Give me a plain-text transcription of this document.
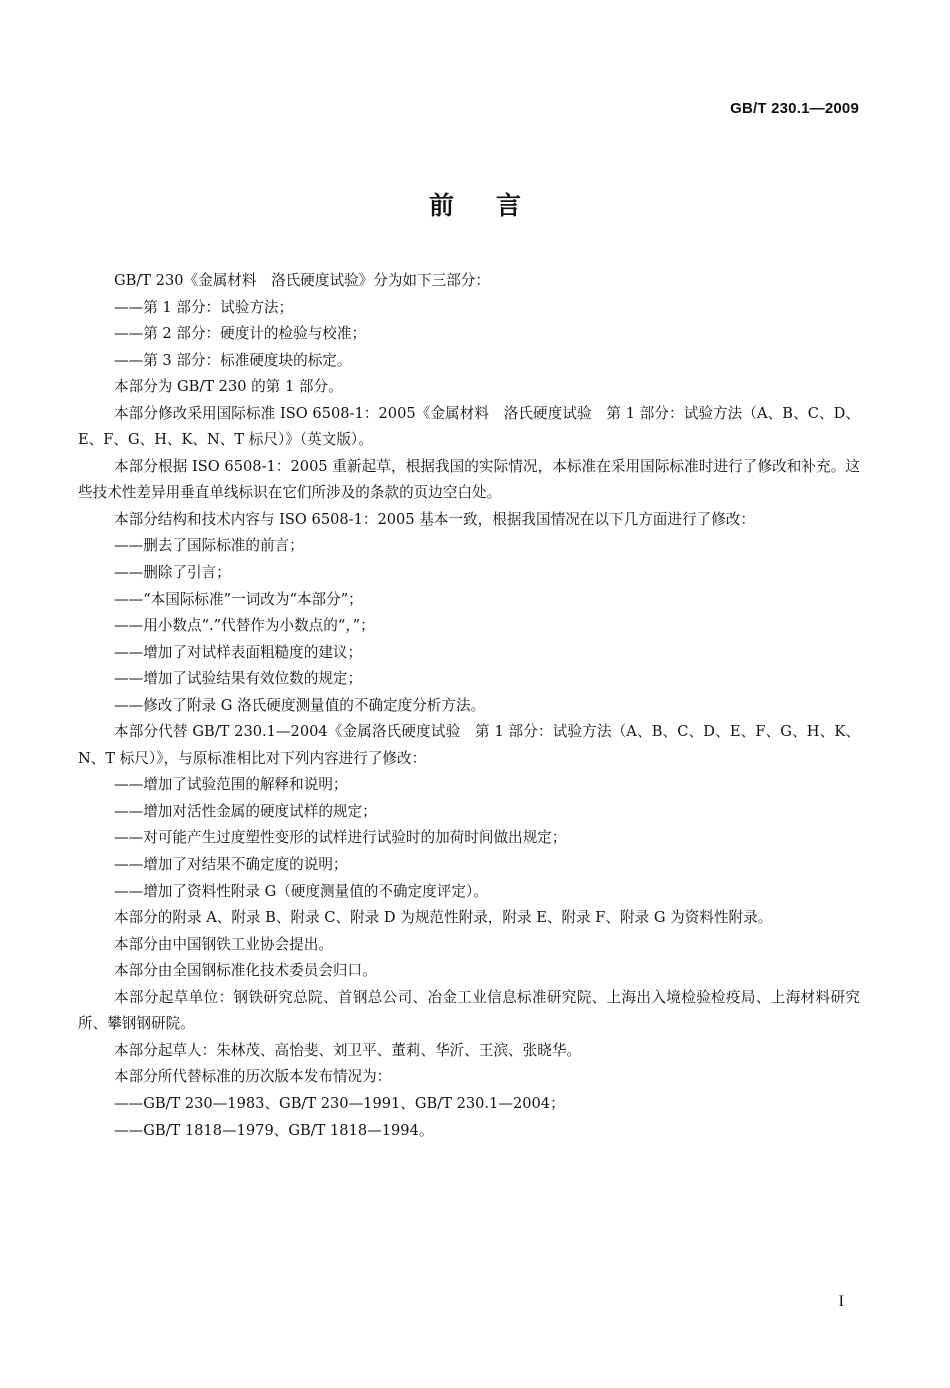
GB/T 230.1—2009
前言

GB/T 230《金属材料　洛氏硬度试验》分为如下三部分：

——第 1 部分：试验方法；

——第 2 部分：硬度计的检验与校准；

——第 3 部分：标准硬度块的标定。

本部分为 GB/T 230 的第 1 部分。

本部分修改采用国际标准 ISO 6508-1：2005《金属材料　洛氏硬度试验　第 1 部分：试验方法（A、B、C、D、E、F、G、H、K、N、T 标尺）》（英文版）。

本部分根据 ISO 6508-1：2005 重新起草，根据我国的实际情况，本标准在采用国际标准时进行了修改和补充。这些技术性差异用垂直单线标识在它们所涉及的条款的页边空白处。

本部分结构和技术内容与 ISO 6508-1：2005 基本一致，根据我国情况在以下几方面进行了修改：

——删去了国际标准的前言；

——删除了引言；

——“本国际标准”一词改为“本部分”；

——用小数点“.”代替作为小数点的“，”；

——增加了对试样表面粗糙度的建议；

——增加了试验结果有效位数的规定；

——修改了附录 G 洛氏硬度测量值的不确定度分析方法。

本部分代替 GB/T 230.1—2004《金属洛氏硬度试验　第 1 部分：试验方法（A、B、C、D、E、F、G、H、K、N、T 标尺）》，与原标准相比对下列内容进行了修改：

——增加了试验范围的解释和说明；

——增加对活性金属的硬度试样的规定；

——对可能产生过度塑性变形的试样进行试验时的加荷时间做出规定；

——增加了对结果不确定度的说明；

——增加了资料性附录 G（硬度测量值的不确定度评定）。

本部分的附录 A、附录 B、附录 C、附录 D 为规范性附录，附录 E、附录 F、附录 G 为资料性附录。

本部分由中国钢铁工业协会提出。

本部分由全国钢标准化技术委员会归口。

本部分起草单位：钢铁研究总院、首钢总公司、冶金工业信息标准研究院、上海出入境检验检疫局、上海材料研究所、攀钢钢研院。

本部分起草人：朱林茂、高怡斐、刘卫平、董莉、华沂、王滨、张晓华。

本部分所代替标准的历次版本发布情况为：

——GB/T 230—1983、GB/T 230—1991、GB/T 230.1—2004；

——GB/T 1818—1979、GB/T 1818—1994。

I
